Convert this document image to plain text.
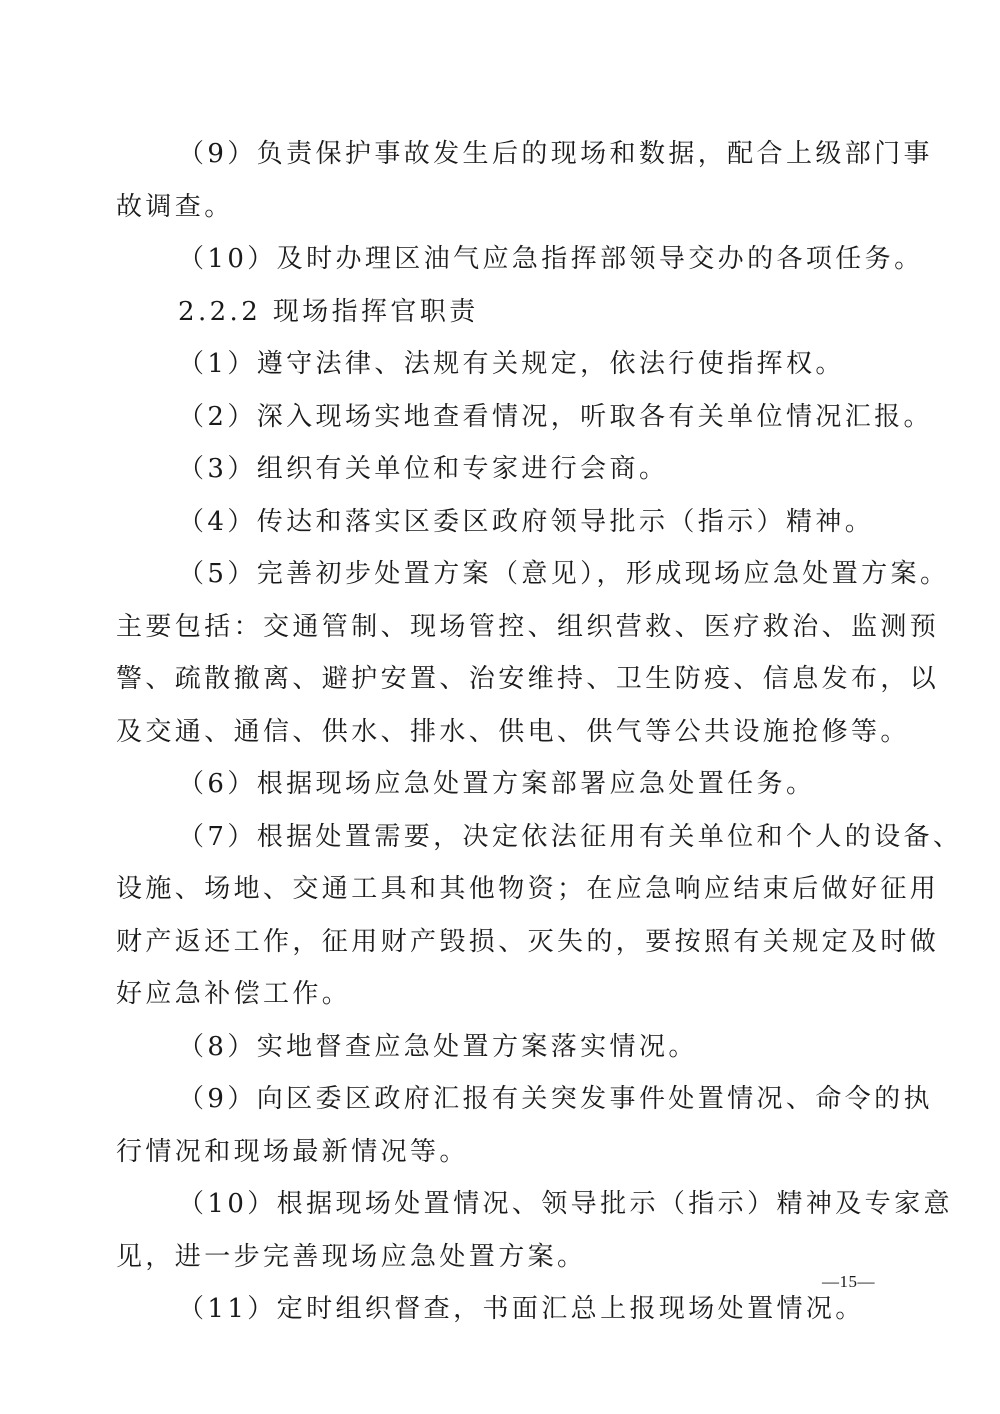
（9）负责保护事故发生后的现场和数据，配合上级部门事
故调查。
（10）及时办理区油气应急指挥部领导交办的各项任务。
2.2.2 现场指挥官职责
（1）遵守法律、法规有关规定，依法行使指挥权。
（2）深入现场实地查看情况，听取各有关单位情况汇报。
（3）组织有关单位和专家进行会商。
（4）传达和落实区委区政府领导批示（指示）精神。
（5）完善初步处置方案（意见），形成现场应急处置方案。
主要包括：交通管制、现场管控、组织营救、医疗救治、监测预
警、疏散撤离、避护安置、治安维持、卫生防疫、信息发布，以
及交通、通信、供水、排水、供电、供气等公共设施抢修等。
（6）根据现场应急处置方案部署应急处置任务。
（7）根据处置需要，决定依法征用有关单位和个人的设备、
设施、场地、交通工具和其他物资；在应急响应结束后做好征用
财产返还工作，征用财产毁损、灭失的，要按照有关规定及时做
好应急补偿工作。
（8）实地督查应急处置方案落实情况。
（9）向区委区政府汇报有关突发事件处置情况、命令的执
行情况和现场最新情况等。
（10）根据现场处置情况、领导批示（指示）精神及专家意
见，进一步完善现场应急处置方案。
（11）定时组织督查，书面汇总上报现场处置情况。
—15—
